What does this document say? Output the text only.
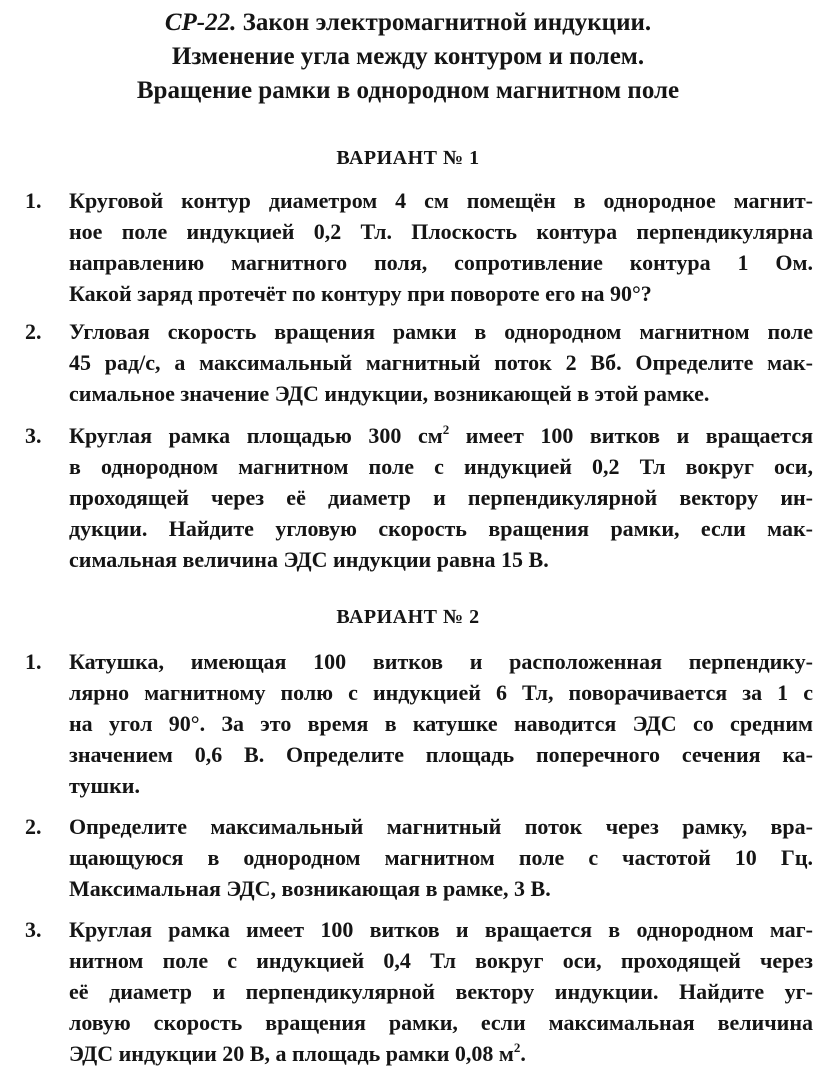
СР-22. Закон электромагнитной индукции.
Изменение угла между контуром и полем.
Вращение рамки в однородном магнитном поле
ВАРИАНТ № 1
1.	Круговой контур диаметром 4 см помещён в однородное магнит-
ное поле индукцией 0,2 Тл. Плоскость контура перпендикулярна
направлению магнитного поля, сопротивление контура 1 Ом.
Какой заряд протечёт по контуру при повороте его на 90°?
2.	Угловая скорость вращения рамки в однородном магнитном поле
45 рад/с, а максимальный магнитный поток 2 Вб. Определите мак-
симальное значение ЭДС индукции, возникающей в этой рамке.
3.	Круглая рамка площадью 300 $см^2$ имеет 100 витков и вращается
в однородном магнитном поле с индукцией 0,2 Тл вокруг оси,
проходящей через её диаметр и перпендикулярной вектору ин-
дукции. Найдите угловую скорость вращения рамки, если мак-
симальная величина ЭДС индукции равна 15 В.
ВАРИАНТ № 2
1.	Катушка, имеющая 100 витков и расположенная перпендику-
лярно магнитному полю с индукцией 6 Тл, поворачивается за 1 с
на угол 90°. За это время в катушке наводится ЭДС со средним
значением 0,6 В. Определите площадь поперечного сечения ка-
тушки.
2.	Определите максимальный магнитный поток через рамку, вра-
щающуюся в однородном магнитном поле с частотой 10 Гц.
Максимальная ЭДС, возникающая в рамке, 3 В.
3.	Круглая рамка имеет 100 витков и вращается в однородном маг-
нитном поле с индукцией 0,4 Тл вокруг оси, проходящей через
её диаметр и перпендикулярной вектору индукции. Найдите уг-
ловую скорость вращения рамки, если максимальная величина
ЭДС индукции 20 В, а площадь рамки 0,08 $м^2$.
